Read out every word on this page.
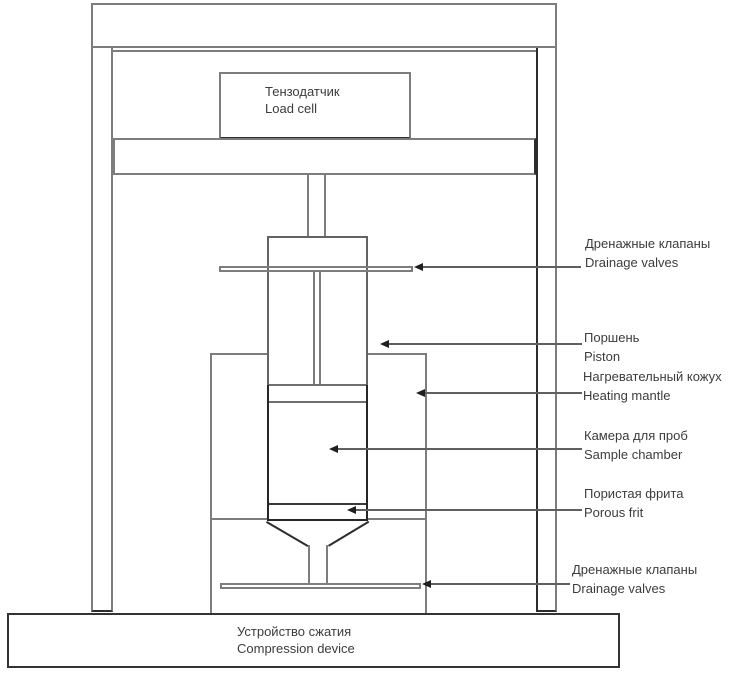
Тензодатчик
Load cell
Устройство сжатия
Compression device
Дренажные клапаны
Drainage valves
Поршень
Piston
Нагревательный кожух
Heating mantle
Камера для проб
Sample chamber
Пористая фрита
Porous frit
Дренажные клапаны
Drainage valves
